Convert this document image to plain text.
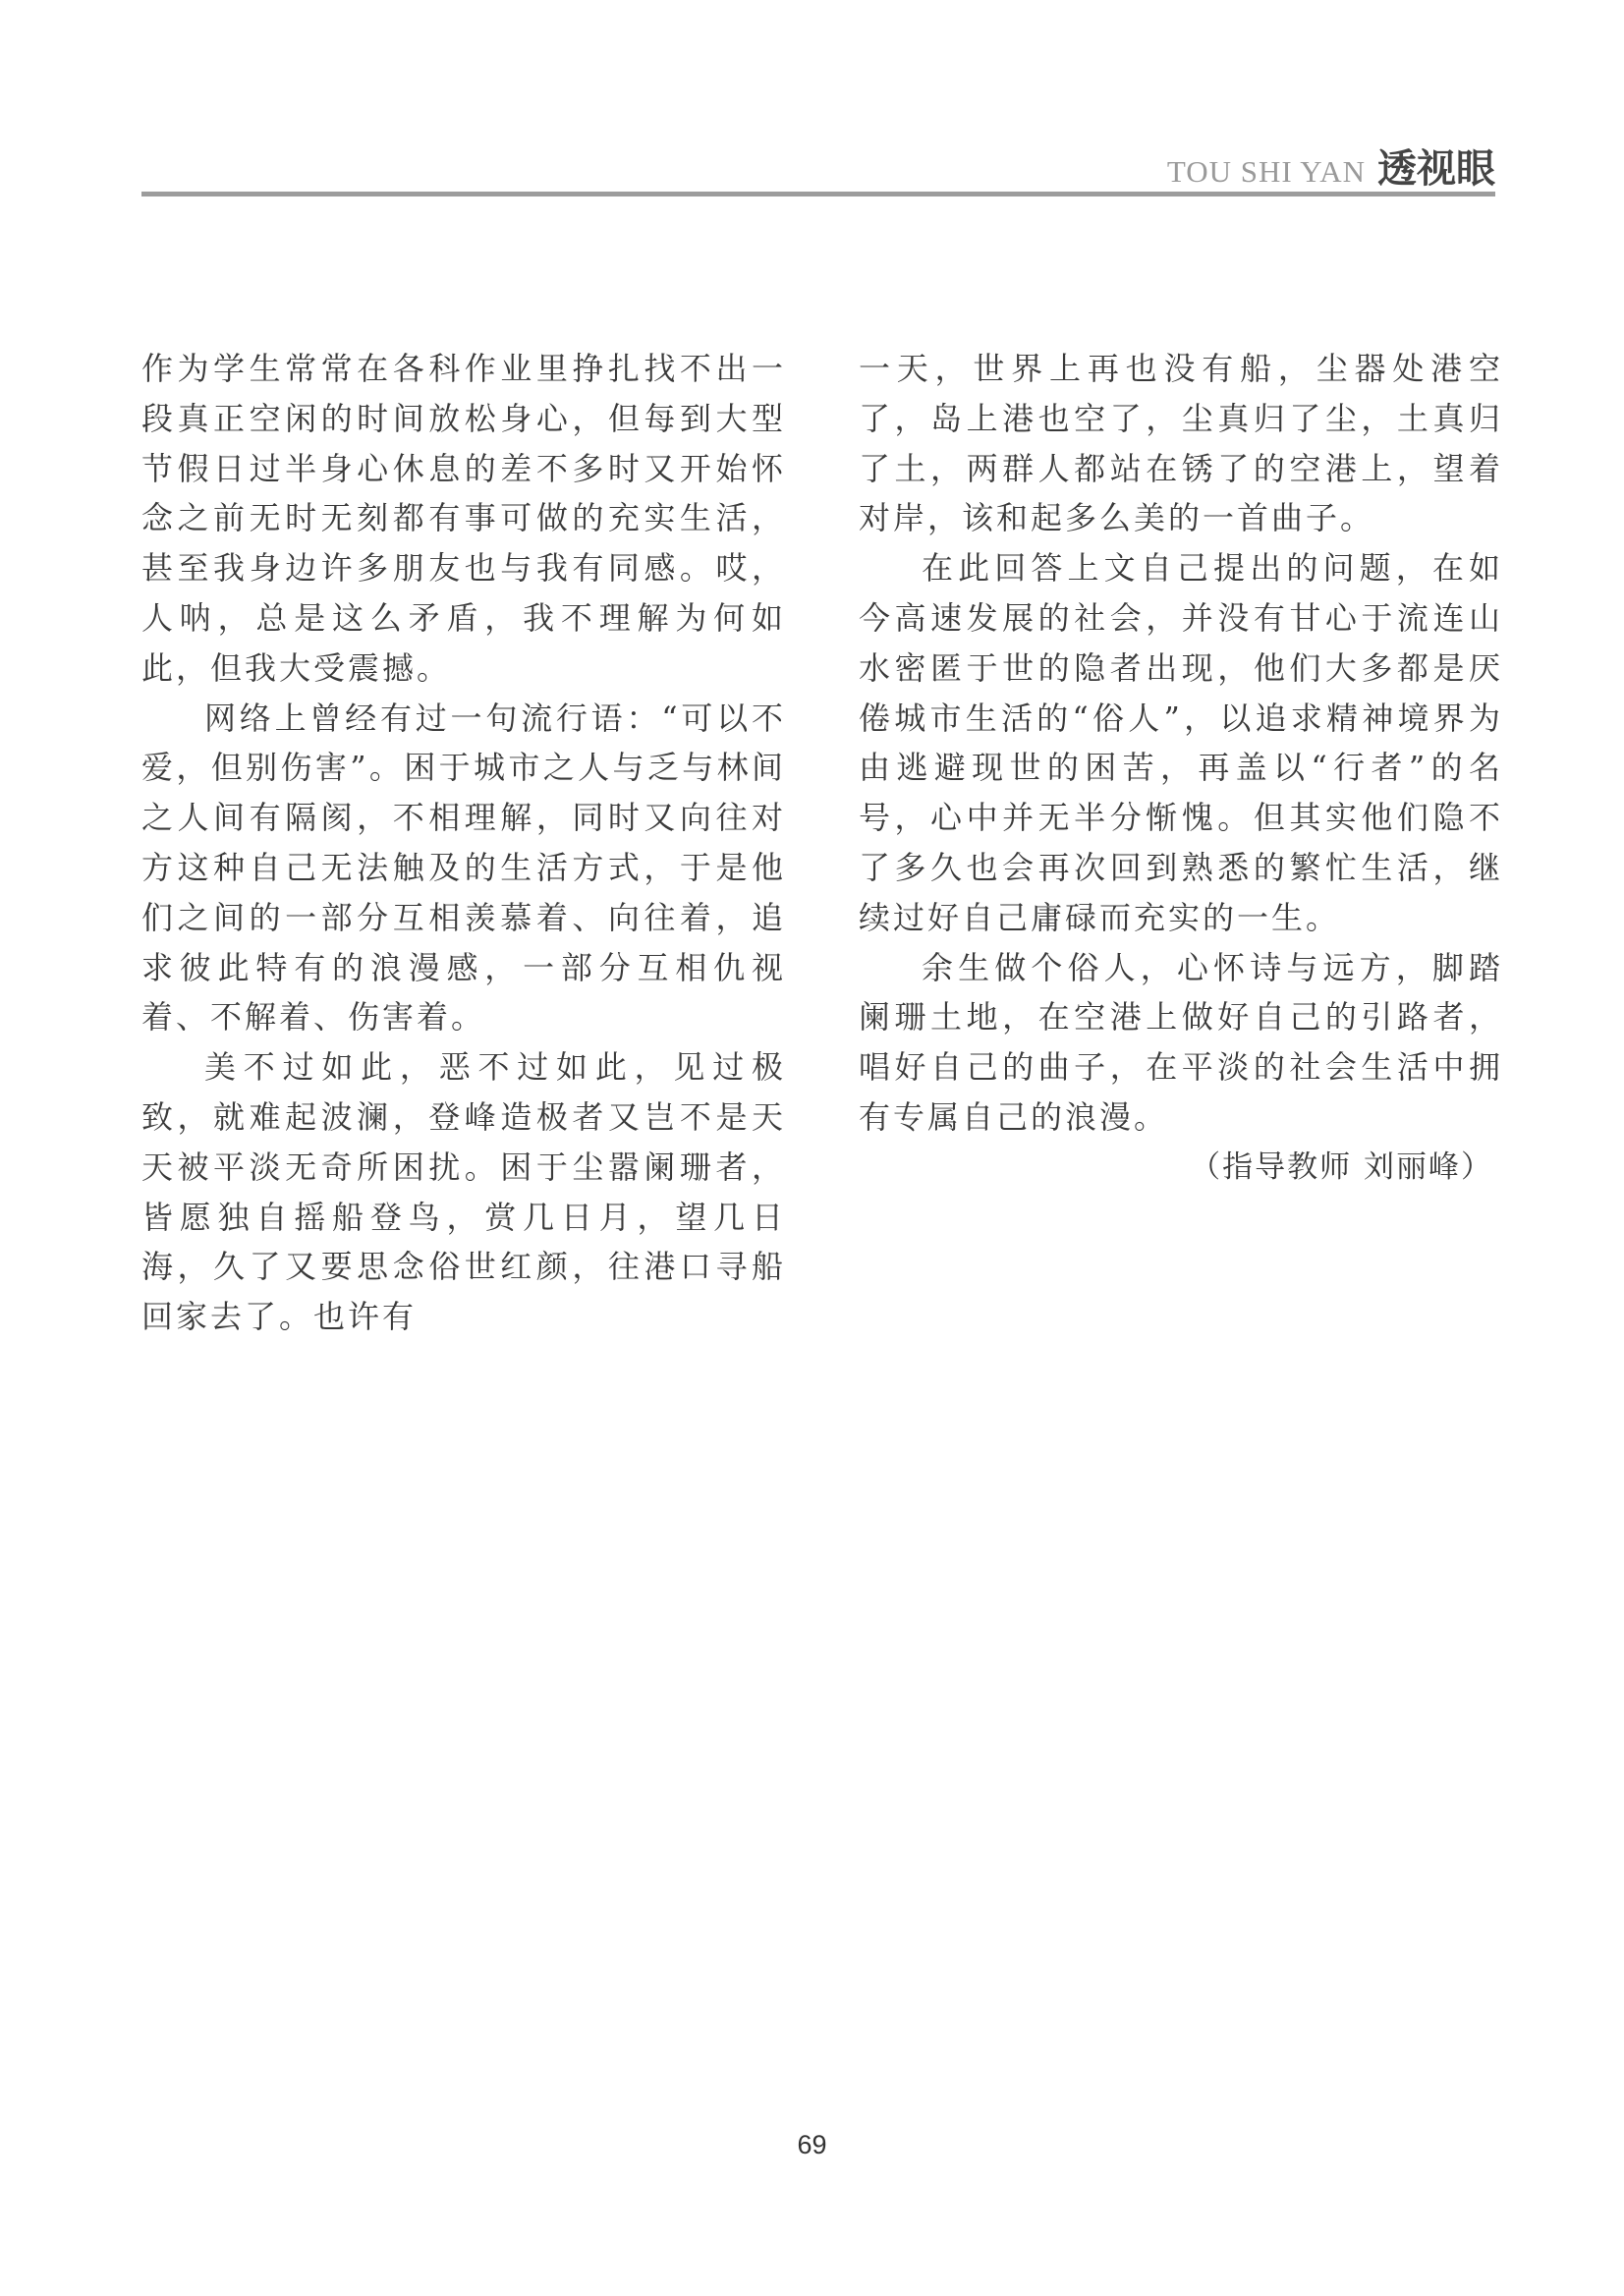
TOU SHI YAN 透视眼

作为学生常常在各科作业里挣扎找不出一段真正空闲的时间放松身心，但每到大型节假日过半身心休息的差不多时又开始怀念之前无时无刻都有事可做的充实生活，甚至我身边许多朋友也与我有同感。哎，人呐，总是这么矛盾，我不理解为何如此，但我大受震撼。

网络上曾经有过一句流行语：“可以不爱，但别伤害”。困于城市之人与乏与林间之人间有隔阂，不相理解，同时又向往对方这种自己无法触及的生活方式，于是他们之间的一部分互相羡慕着、向往着，追求彼此特有的浪漫感，一部分互相仇视着、不解着、伤害着。

美不过如此，恶不过如此，见过极致，就难起波澜，登峰造极者又岂不是天天被平淡无奇所困扰。困于尘嚣阑珊者，皆愿独自摇船登鸟，赏几日月，望几日海，久了又要思念俗世红颜，往港口寻船回家去了。也许有

一天，世界上再也没有船，尘器处港空了，岛上港也空了，尘真归了尘，土真归了土，两群人都站在锈了的空港上，望着对岸，该和起多么美的一首曲子。

在此回答上文自己提出的问题，在如今高速发展的社会，并没有甘心于流连山水密匿于世的隐者出现，他们大多都是厌倦城市生活的“俗人”，以追求精神境界为由逃避现世的困苦，再盖以“行者”的名号，心中并无半分惭愧。但其实他们隐不了多久也会再次回到熟悉的繁忙生活，继续过好自己庸碌而充实的一生。

余生做个俗人，心怀诗与远方，脚踏阑珊土地，在空港上做好自己的引路者，唱好自己的曲子，在平淡的社会生活中拥有专属自己的浪漫。

（指导教师 刘丽峰）

69
